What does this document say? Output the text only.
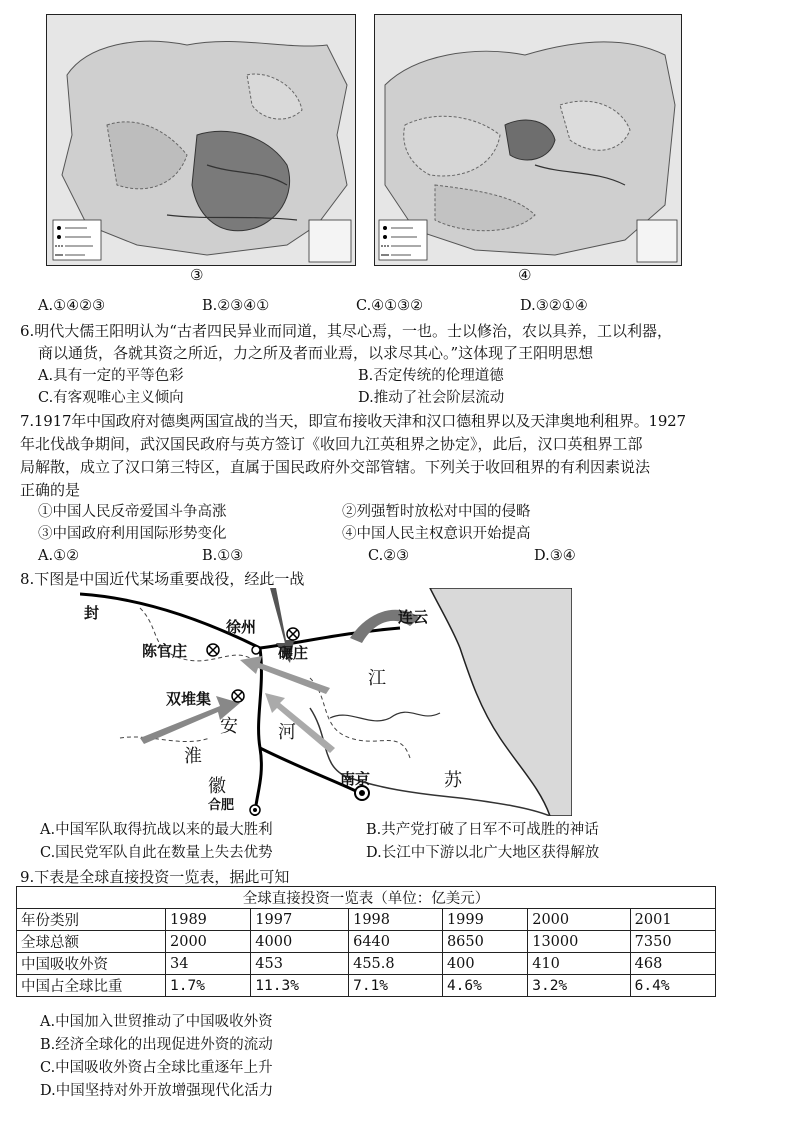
③	④
A.①④②③	B.②③④①	C.④①③②	D.③②①④
6.明代大儒王阳明认为“古者四民异业而同道，其尽心焉，一也。士以修治，农以具养，工以利器，
商以通货，各就其资之所近，力之所及者而业焉，以求尽其心。”这体现了王阳明思想
A.具有一定的平等色彩	B.否定传统的伦理道德
C.有客观唯心主义倾向	D.推动了社会阶层流动
7.1917年中国政府对德奥两国宣战的当天，即宣布接收天津和汉口德租界以及天津奥地利租界。1927
年北伐战争期间，武汉国民政府与英方签订《收回九江英租界之协定》，此后，汉口英租界工部
局解散，成立了汉口第三特区，直属于国民政府外交部管辖。下列关于收回租界的有利因素说法
正确的是
①中国人民反帝爱国斗争高涨	②列强暂时放松对中国的侵略
③中国政府利用国际形势变化	④中国人民主权意识开始提高
A.①②	B.①③	C.②③	D.③④
8.下图是中国近代某场重要战役，经此一战
封
徐州
连云
陈官庄	碾庄
江
双堆集
安 河
淮
徽	南京	苏
合肥
A.中国军队取得抗战以来的最大胜利	B.共产党打破了日军不可战胜的神话
C.国民党军队自此在数量上失去优势	D.长江中下游以北广大地区获得解放
9.下表是全球直接投资一览表，据此可知
全球直接投资一览表（单位：亿美元）						
年份类别	1989	1997	1998	1999	2000	2001
全球总额	2000	4000	6440	8650	13000	7350
中国吸收外资	34	453	455.8	400	410	468
中国占全球比重	1.7%	11.3%	7.1%	4.6%	3.2%	6.4%
A.中国加入世贸推动了中国吸收外资
B.经济全球化的出现促进外资的流动
C.中国吸收外资占全球比重逐年上升
D.中国坚持对外开放增强现代化活力
